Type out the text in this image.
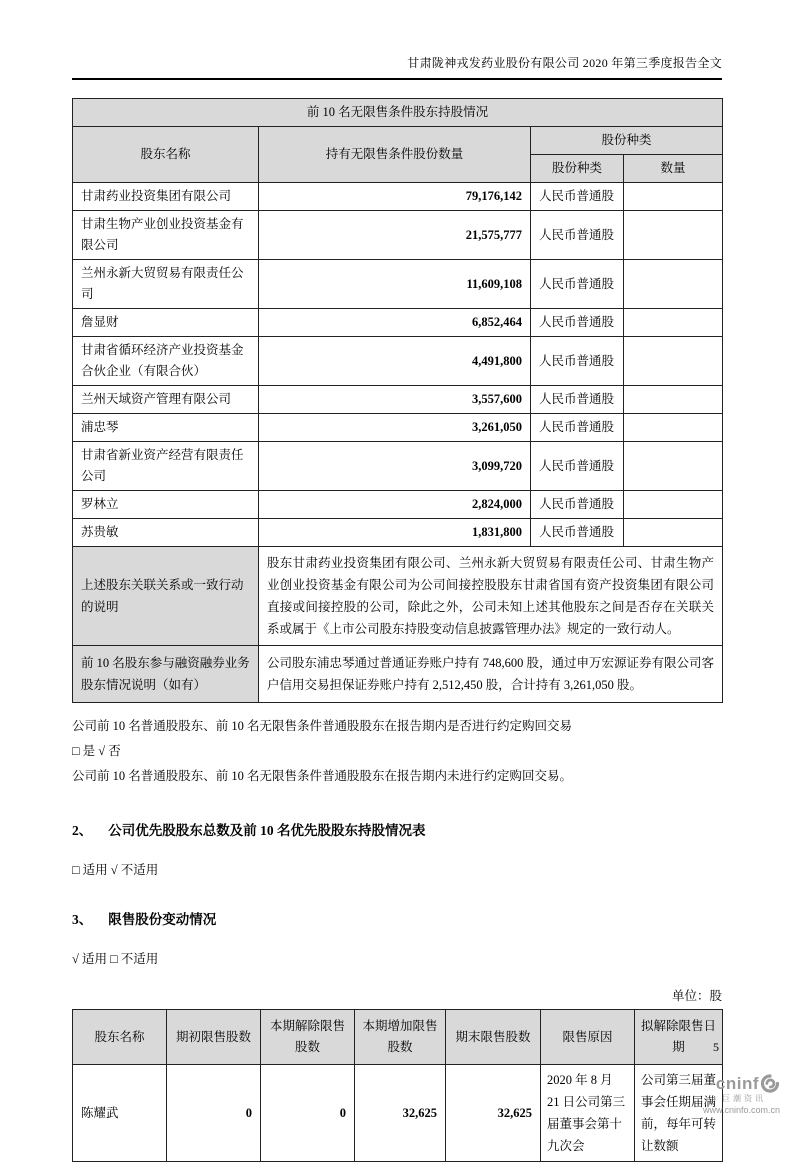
甘肃陇神戎发药业股份有限公司 2020 年第三季度报告全文
前 10 名无限售条件股东持股情况			
股东名称	持有无限售条件股份数量	股份种类	
		股份种类	数量
甘肃药业投资集团有限公司	79,176,142	人民币普通股	
甘肃生物产业创业投资基金有限公司	21,575,777	人民币普通股	
兰州永新大贸贸易有限责任公司	11,609,108	人民币普通股	
詹显财	6,852,464	人民币普通股	
甘肃省循环经济产业投资基金合伙企业（有限合伙）	4,491,800	人民币普通股	
兰州天域资产管理有限公司	3,557,600	人民币普通股	
浦忠琴	3,261,050	人民币普通股	
甘肃省新业资产经营有限责任公司	3,099,720	人民币普通股	
罗林立	2,824,000	人民币普通股	
苏贵敏	1,831,800	人民币普通股	
上述股东关联关系或一致行动的说明	股东甘肃药业投资集团有限公司、兰州永新大贸贸易有限责任公司、甘肃生物产业创业投资基金有限公司为公司间接控股股东甘肃省国有资产投资集团有限公司直接或间接控股的公司，除此之外，公司未知上述其他股东之间是否存在关联关系或属于《上市公司股东持股变动信息披露管理办法》规定的一致行动人。		
前 10 名股东参与融资融券业务股东情况说明（如有）	公司股东浦忠琴通过普通证券账户持有 748,600 股，通过申万宏源证券有限公司客户信用交易担保证券账户持有 2,512,450 股，合计持有 3,261,050 股。		

公司前 10 名普通股股东、前 10 名无限售条件普通股股东在报告期内是否进行约定购回交易

□ 是 √ 否

公司前 10 名普通股股东、前 10 名无限售条件普通股股东在报告期内未进行约定购回交易。

2、 公司优先股股东总数及前 10 名优先股股东持股情况表

□ 适用 √ 不适用

3、 限售股份变动情况

√ 适用 □ 不适用

单位：股
股东名称	期初限售股数	本期解除限售股数	本期增加限售股数	期末限售股数	限售原因	拟解除限售日期
陈耀武	0	0	32,625	32,625	2020 年 8 月 21 日公司第三届董事会第十九次会	公司第三届董事会任期届满前，每年可转让数额
5
cninf
巨潮资讯
www.cninfo.com.cn
